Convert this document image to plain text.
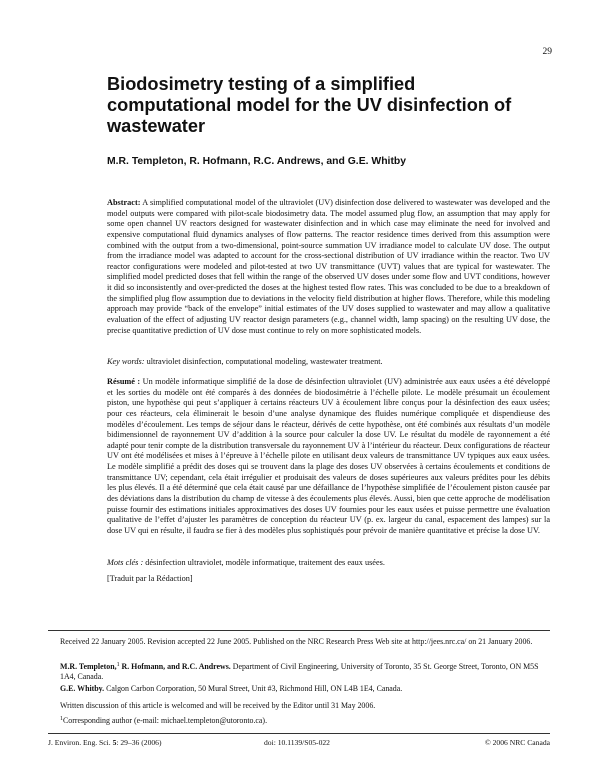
29
Biodosimetry testing of a simplified computational model for the UV disinfection of wastewater

M.R. Templeton, R. Hofmann, R.C. Andrews, and G.E. Whitby

Abstract: A simplified computational model of the ultraviolet (UV) disinfection dose delivered to wastewater was developed and the model outputs were compared with pilot-scale biodosimetry data. The model assumed plug flow, an assumption that may apply for some open channel UV reactors designed for wastewater disinfection and in which case may eliminate the need for involved and expensive computational fluid dynamics analyses of flow patterns. The reactor residence times derived from this assumption were combined with the output from a two-dimensional, point-source summation UV irradiance model to calculate UV dose. The output from the irradiance model was adapted to account for the cross-sectional distribution of UV irradiance within the reactor. Two UV reactor configurations were modeled and pilot-tested at two UV transmittance (UVT) values that are typical for wastewater. The simplified model predicted doses that fell within the range of the observed UV doses under some flow and UVT conditions, however it did so inconsistently and over-predicted the doses at the highest tested flow rates. This was concluded to be due to a breakdown of the simplified plug flow assumption due to deviations in the velocity field distribution at higher flows. Therefore, while this modeling approach may provide “back of the envelope” initial estimates of the UV doses supplied to wastewater and may allow a qualitative evaluation of the effect of adjusting UV reactor design parameters (e.g., channel width, lamp spacing) on the resulting UV dose, the precise quantitative prediction of UV dose must continue to rely on more sophisticated models.

Key words: ultraviolet disinfection, computational modeling, wastewater treatment.

Résumé : Un modèle informatique simplifié de la dose de désinfection ultraviolet (UV) administrée aux eaux usées a été développé et les sorties du modèle ont été comparés à des données de biodosimétrie à l’échelle pilote. Le modèle présumait un écoulement piston, une hypothèse qui peut s’appliquer à certains réacteurs UV à écoulement libre conçus pour la désinfection des eaux usées; pour ces réacteurs, cela éliminerait le besoin d’une analyse dynamique des fluides numérique compliquée et dispendieuse des modèles d’écoulement. Les temps de séjour dans le réacteur, dérivés de cette hypothèse, ont été combinés aux résultats d’un modèle bidimensionnel de rayonnement UV d’addition à la source pour calculer la dose UV. Le résultat du modèle de rayonnement a été adapté pour tenir compte de la distribution transversale du rayonnement UV à l’intérieur du réacteur. Deux configurations de réacteur UV ont été modélisées et mises à l’épreuve à l’échelle pilote en utilisant deux valeurs de transmittance UV typiques aux eaux usées. Le modèle simplifié a prédit des doses qui se trouvent dans la plage des doses UV observées à certains écoulements et conditions de transmittance UV; cependant, cela était irrégulier et produisait des valeurs de doses supérieures aux valeurs prédites pour les débits les plus élevés. Il a été déterminé que cela était causé par une défaillance de l’hypothèse simplifiée de l’écoulement piston causée par des déviations dans la distribution du champ de vitesse à des écoulements plus élevés. Aussi, bien que cette approche de modélisation puisse fournir des estimations initiales approximatives des doses UV fournies pour les eaux usées et puisse permettre une évaluation qualitative de l’effet d’ajuster les paramètres de conception du réacteur UV (p. ex. largeur du canal, espacement des lampes) sur la dose UV qui en résulte, il faudra se fier à des modèles plus sophistiqués pour prévoir de manière quantitative et précise la dose UV.

Mots clés : désinfection ultraviolet, modèle informatique, traitement des eaux usées.

[Traduit par la Rédaction]

Received 22 January 2005. Revision accepted 22 June 2005. Published on the NRC Research Press Web site at http://jees.nrc.ca/ on 21 January 2006.

M.R. Templeton,$^1$ R. Hofmann, and R.C. Andrews. Department of Civil Engineering, University of Toronto, 35 St. George Street, Toronto, ON M5S 1A4, Canada.

G.E. Whitby. Calgon Carbon Corporation, 50 Mural Street, Unit #3, Richmond Hill, ON L4B 1E4, Canada.

Written discussion of this article is welcomed and will be received by the Editor until 31 May 2006.

$^1$Corresponding author (e-mail: michael.templeton@utoronto.ca).

J. Environ. Eng. Sci. 5: 29–36 (2006)	doi: 10.1139/S05-022	© 2006 NRC Canada
